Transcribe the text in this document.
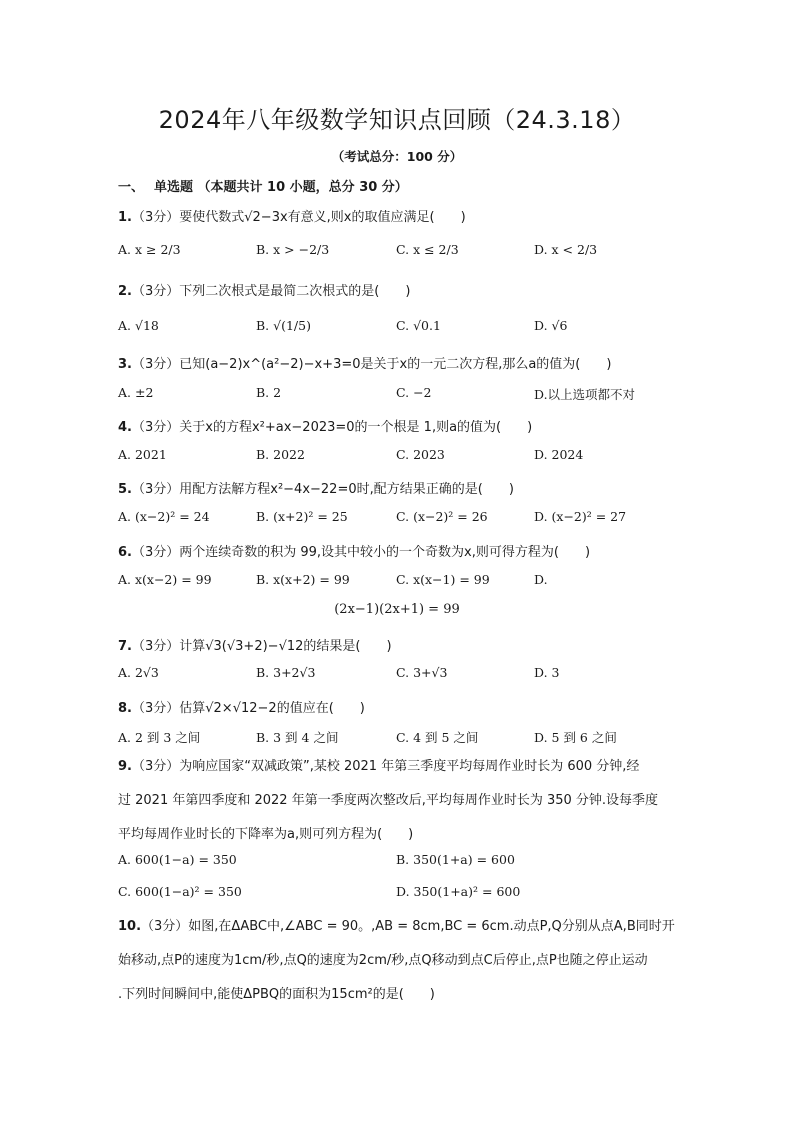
2024年八年级数学知识点回顾（24.3.18）
（考试总分：100 分）
一、 单选题 （本题共计 10 小题，总分 30 分）
1.（3分）要使代数式√2−3x有意义,则x的取值应满足(　　)
A. x ≥ 2/3	B. x > −2/3	C. x ≤ 2/3	D. x < 2/3
2.（3分）下列二次根式是最简二次根式的是(　　)
A. √18	B. √(1/5)	C. √0.1	D. √6
3.（3分）已知(a−2)x^(a²−2)−x+3=0是关于x的一元二次方程,那么a的值为(　　)
A. ±2	B. 2	C. −2	D.以上选项都不对
4.（3分）关于x的方程x²+ax−2023=0的一个根是 1,则a的值为(　　)
A. 2021	B. 2022	C. 2023	D. 2024
5.（3分）用配方法解方程x²−4x−22=0时,配方结果正确的是(　　)
A. (x−2)² = 24	B. (x+2)² = 25	C. (x−2)² = 26	D. (x−2)² = 27
6.（3分）两个连续奇数的积为 99,设其中较小的一个奇数为x,则可得方程为(　　)
A. x(x−2) = 99	B. x(x+2) = 99	C. x(x−1) = 99	D.
(2x−1)(2x+1) = 99
7.（3分）计算√3(√3+2)−√12的结果是(　　)
A. 2√3	B. 3+2√3	C. 3+√3	D. 3
8.（3分）估算√2×√12−2的值应在(　　)
A. 2 到 3 之间	B. 3 到 4 之间	C. 4 到 5 之间	D. 5 到 6 之间
9.（3分）为响应国家“双减政策”,某校 2021 年第三季度平均每周作业时长为 600 分钟,经
过 2021 年第四季度和 2022 年第一季度两次整改后,平均每周作业时长为 350 分钟.设每季度
平均每周作业时长的下降率为a,则可列方程为(　　)
A. 600(1−a) = 350	B. 350(1+a) = 600
C. 600(1−a)² = 350	D. 350(1+a)² = 600
10.（3分）如图,在ΔABC中,∠ABC = 90。,AB = 8cm,BC = 6cm.动点P,Q分别从点A,B同时开
始移动,点P的速度为1cm/秒,点Q的速度为2cm/秒,点Q移动到点C后停止,点P也随之停止运动
.下列时间瞬间中,能使ΔPBQ的面积为15cm²的是(　　)
